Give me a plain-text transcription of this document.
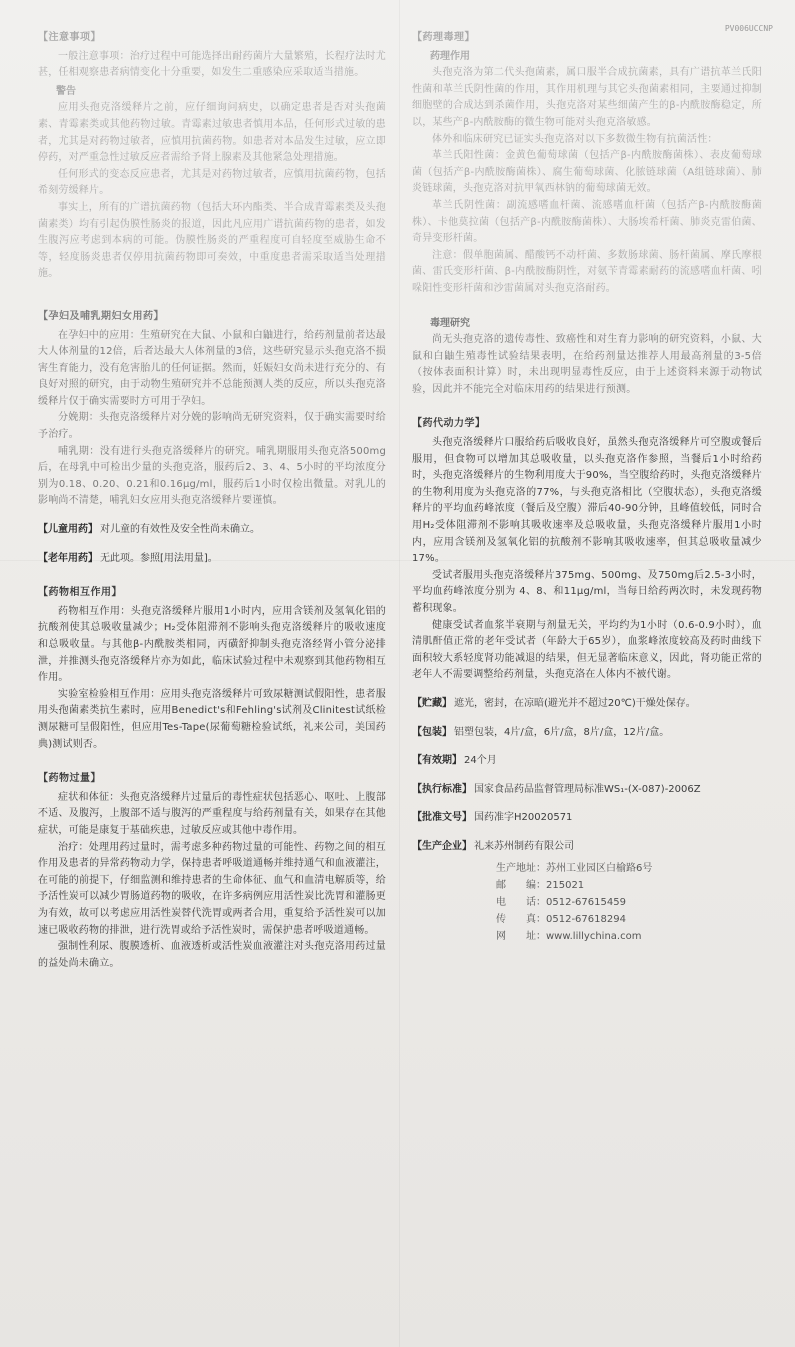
PV006UCCNP
【注意事项】

一般注意事项：治疗过程中可能选择出耐药菌片大量繁殖，长程疗法时尤甚，任相观察患者病情变化十分重要，如发生二重感染应采取适当措施。

警告

应用头孢克洛缓释片之前，应仔细询问病史，以确定患者是否对头孢菌素、青霉素类或其他药物过敏。青霉素过敏患者慎用本品，任何形式过敏的患者，尤其是对药物过敏者，应慎用抗菌药物。如患者对本品发生过敏，应立即停药，对严重急性过敏反应者需给予肾上腺素及其他紧急处理措施。

任何形式的变态反应患者，尤其是对药物过敏者，应慎用抗菌药物，包括希刻劳缓释片。

事实上，所有的广谱抗菌药物（包括大环内酯类、半合成青霉素类及头孢菌素类）均有引起伪膜性肠炎的报道，因此凡应用广谱抗菌药物的患者，如发生腹泻应考虑到本病的可能。伪膜性肠炎的严重程度可自轻度至威胁生命不等，轻度肠炎患者仅停用抗菌药物即可奏效，中重度患者需采取适当处理措施。

【孕妇及哺乳期妇女用药】

在孕妇中的应用：生殖研究在大鼠、小鼠和白鼬进行，给药剂量前者达最大人体剂量的12倍，后者达最大人体剂量的3倍，这些研究显示头孢克洛不损害生育能力，没有危害胎儿的任何证据。然而，妊娠妇女尚未进行充分的、有良好对照的研究，由于动物生殖研究并不总能预测人类的反应，所以头孢克洛缓释片仅于确实需要时方可用于孕妇。

分娩期：头孢克洛缓释片对分娩的影响尚无研究资料，仅于确实需要时给予治疗。

哺乳期：没有进行头孢克洛缓释片的研究。哺乳期服用头孢克洛500mg后，在母乳中可检出少量的头孢克洛，服药后2、3、4、5小时的平均浓度分别为0.18、0.20、0.21和0.16μg/ml，服药后1小时仅检出微量。对乳儿的影响尚不清楚，哺乳妇女应用头孢克洛缓释片要谨慎。

【儿童用药】 对儿童的有效性及安全性尚未确立。
【老年用药】 无此项。参照[用法用量]。
【药物相互作用】

药物相互作用：头孢克洛缓释片服用1小时内，应用含镁剂及氢氧化铝的抗酸剂使其总吸收量减少；H₂受体阻滞剂不影响头孢克洛缓释片的吸收速度和总吸收量。与其他β-内酰胺类相同，丙磺舒抑制头孢克洛经肾小管分泌排泄，并推测头孢克洛缓释片亦为如此，临床试验过程中未观察到其他药物相互作用。

实验室检验相互作用：应用头孢克洛缓释片可致尿糖测试假阳性，患者服用头孢菌素类抗生素时，应用Benedict's和Fehling's试剂及Clinitest试纸检测尿糖可呈假阳性，但应用Tes-Tape(尿葡萄糖检验试纸，礼来公司，美国药典)测试则否。

【药物过量】

症状和体征：头孢克洛缓释片过量后的毒性症状包括恶心、呕吐、上腹部不适、及腹泻，上腹部不适与腹泻的严重程度与给药剂量有关，如果存在其他症状，可能是康复于基础疾患，过敏反应或其他中毒作用。

治疗：处理用药过量时，需考虑多种药物过量的可能性、药物之间的相互作用及患者的异常药物动力学，保持患者呼吸道通畅并维持通气和血液灌注，在可能的前提下，仔细监测和维持患者的生命体征、血气和血清电解质等，给予活性炭可以减少胃肠道药物的吸收，在许多病例应用活性炭比洗胃和灌肠更为有效，故可以考虑应用活性炭替代洗胃或两者合用，重复给予活性炭可以加速已吸收药物的排泄，进行洗胃或给予活性炭时，需保护患者呼吸道通畅。

强制性利尿、腹膜透析、血液透析或活性炭血液灌注对头孢克洛用药过量的益处尚未确立。

【药理毒理】
药理作用

头孢克洛为第二代头孢菌素，属口服半合成抗菌素，具有广谱抗革兰氏阳性菌和革兰氏阴性菌的作用，其作用机理与其它头孢菌素相同，主要通过抑制细胞壁的合成达到杀菌作用，头孢克洛对某些细菌产生的β-内酰胺酶稳定，所以，某些产β-内酰胺酶的微生物可能对头孢克洛敏感。

体外和临床研究已证实头孢克洛对以下多数微生物有抗菌活性：

革兰氏阳性菌：金黄色葡萄球菌（包括产β-内酰胺酶菌株）、表皮葡萄球菌（包括产β-内酰胺酶菌株）、腐生葡萄球菌、化脓链球菌（A组链球菌）、肺炎链球菌，头孢克洛对抗甲氧西林钠的葡萄球菌无效。

革兰氏阴性菌：副流感嗜血杆菌、流感嗜血杆菌（包括产β-内酰胺酶菌株）、卡他莫拉菌（包括产β-内酰胺酶菌株）、大肠埃希杆菌、肺炎克雷伯菌、奇异变形杆菌。

注意：假单胞菌属、醋酸钙不动杆菌、多数肠球菌、肠杆菌属、摩氏摩根菌、雷氏变形杆菌、β-内酰胺酶阴性，对氨苄青霉素耐药的流感嗜血杆菌、吲哚阳性变形杆菌和沙雷菌属对头孢克洛耐药。

毒理研究

尚无头孢克洛的遗传毒性、致癌性和对生育力影响的研究资料，小鼠、大鼠和白鼬生殖毒性试验结果表明，在给药剂量达推荐人用最高剂量的3-5倍（按体表面积计算）时，未出现明显毒性反应，由于上述资料来源于动物试验，因此并不能完全对临床用药的结果进行预测。

【药代动力学】

头孢克洛缓释片口服给药后吸收良好，虽然头孢克洛缓释片可空腹或餐后服用，但食物可以增加其总吸收量，以头孢克洛作参照，当餐后1小时给药时，头孢克洛缓释片的生物利用度大于90%，当空腹给药时，头孢克洛缓释片的生物利用度为头孢克洛的77%，与头孢克洛相比（空腹状态），头孢克洛缓释片的平均血药峰浓度（餐后及空腹）滞后40-90分钟，且峰值较低，同时合用H₂受体阻滞剂不影响其吸收速率及总吸收量，头孢克洛缓释片服用1小时内，应用含镁剂及氢氧化铝的抗酸剂不影响其吸收速率，但其总吸收量减少17%。

受试者服用头孢克洛缓释片375mg、500mg、及750mg后2.5-3小时，平均血药峰浓度分别为 4、8、和11μg/ml，当每日给药两次时，未发现药物蓄积现象。

健康受试者血浆半衰期与剂量无关，平均约为1小时（0.6-0.9小时），血清肌酐值正常的老年受试者（年龄大于65岁），血浆峰浓度较高及药时曲线下面积较大系轻度肾功能减退的结果，但无显著临床意义，因此，肾功能正常的老年人不需要调整给药剂量，头孢克洛在人体内不被代谢。

【贮藏】 遮光，密封，在凉暗(避光并不超过20℃)干燥处保存。
【包装】 铝塑包装，4片/盒，6片/盒，8片/盒，12片/盒。
【有效期】 24个月
【执行标准】 国家食品药品监督管理局标准WS₁-(X-087)-2006Z
【批准文号】 国药准字H20020571
【生产企业】 礼来苏州制药有限公司
生产地址：苏州工业园区白榆路6号
邮　　编：215021
电　　话：0512-67615459
传　　真：0512-67618294
网　　址：www.lillychina.com
